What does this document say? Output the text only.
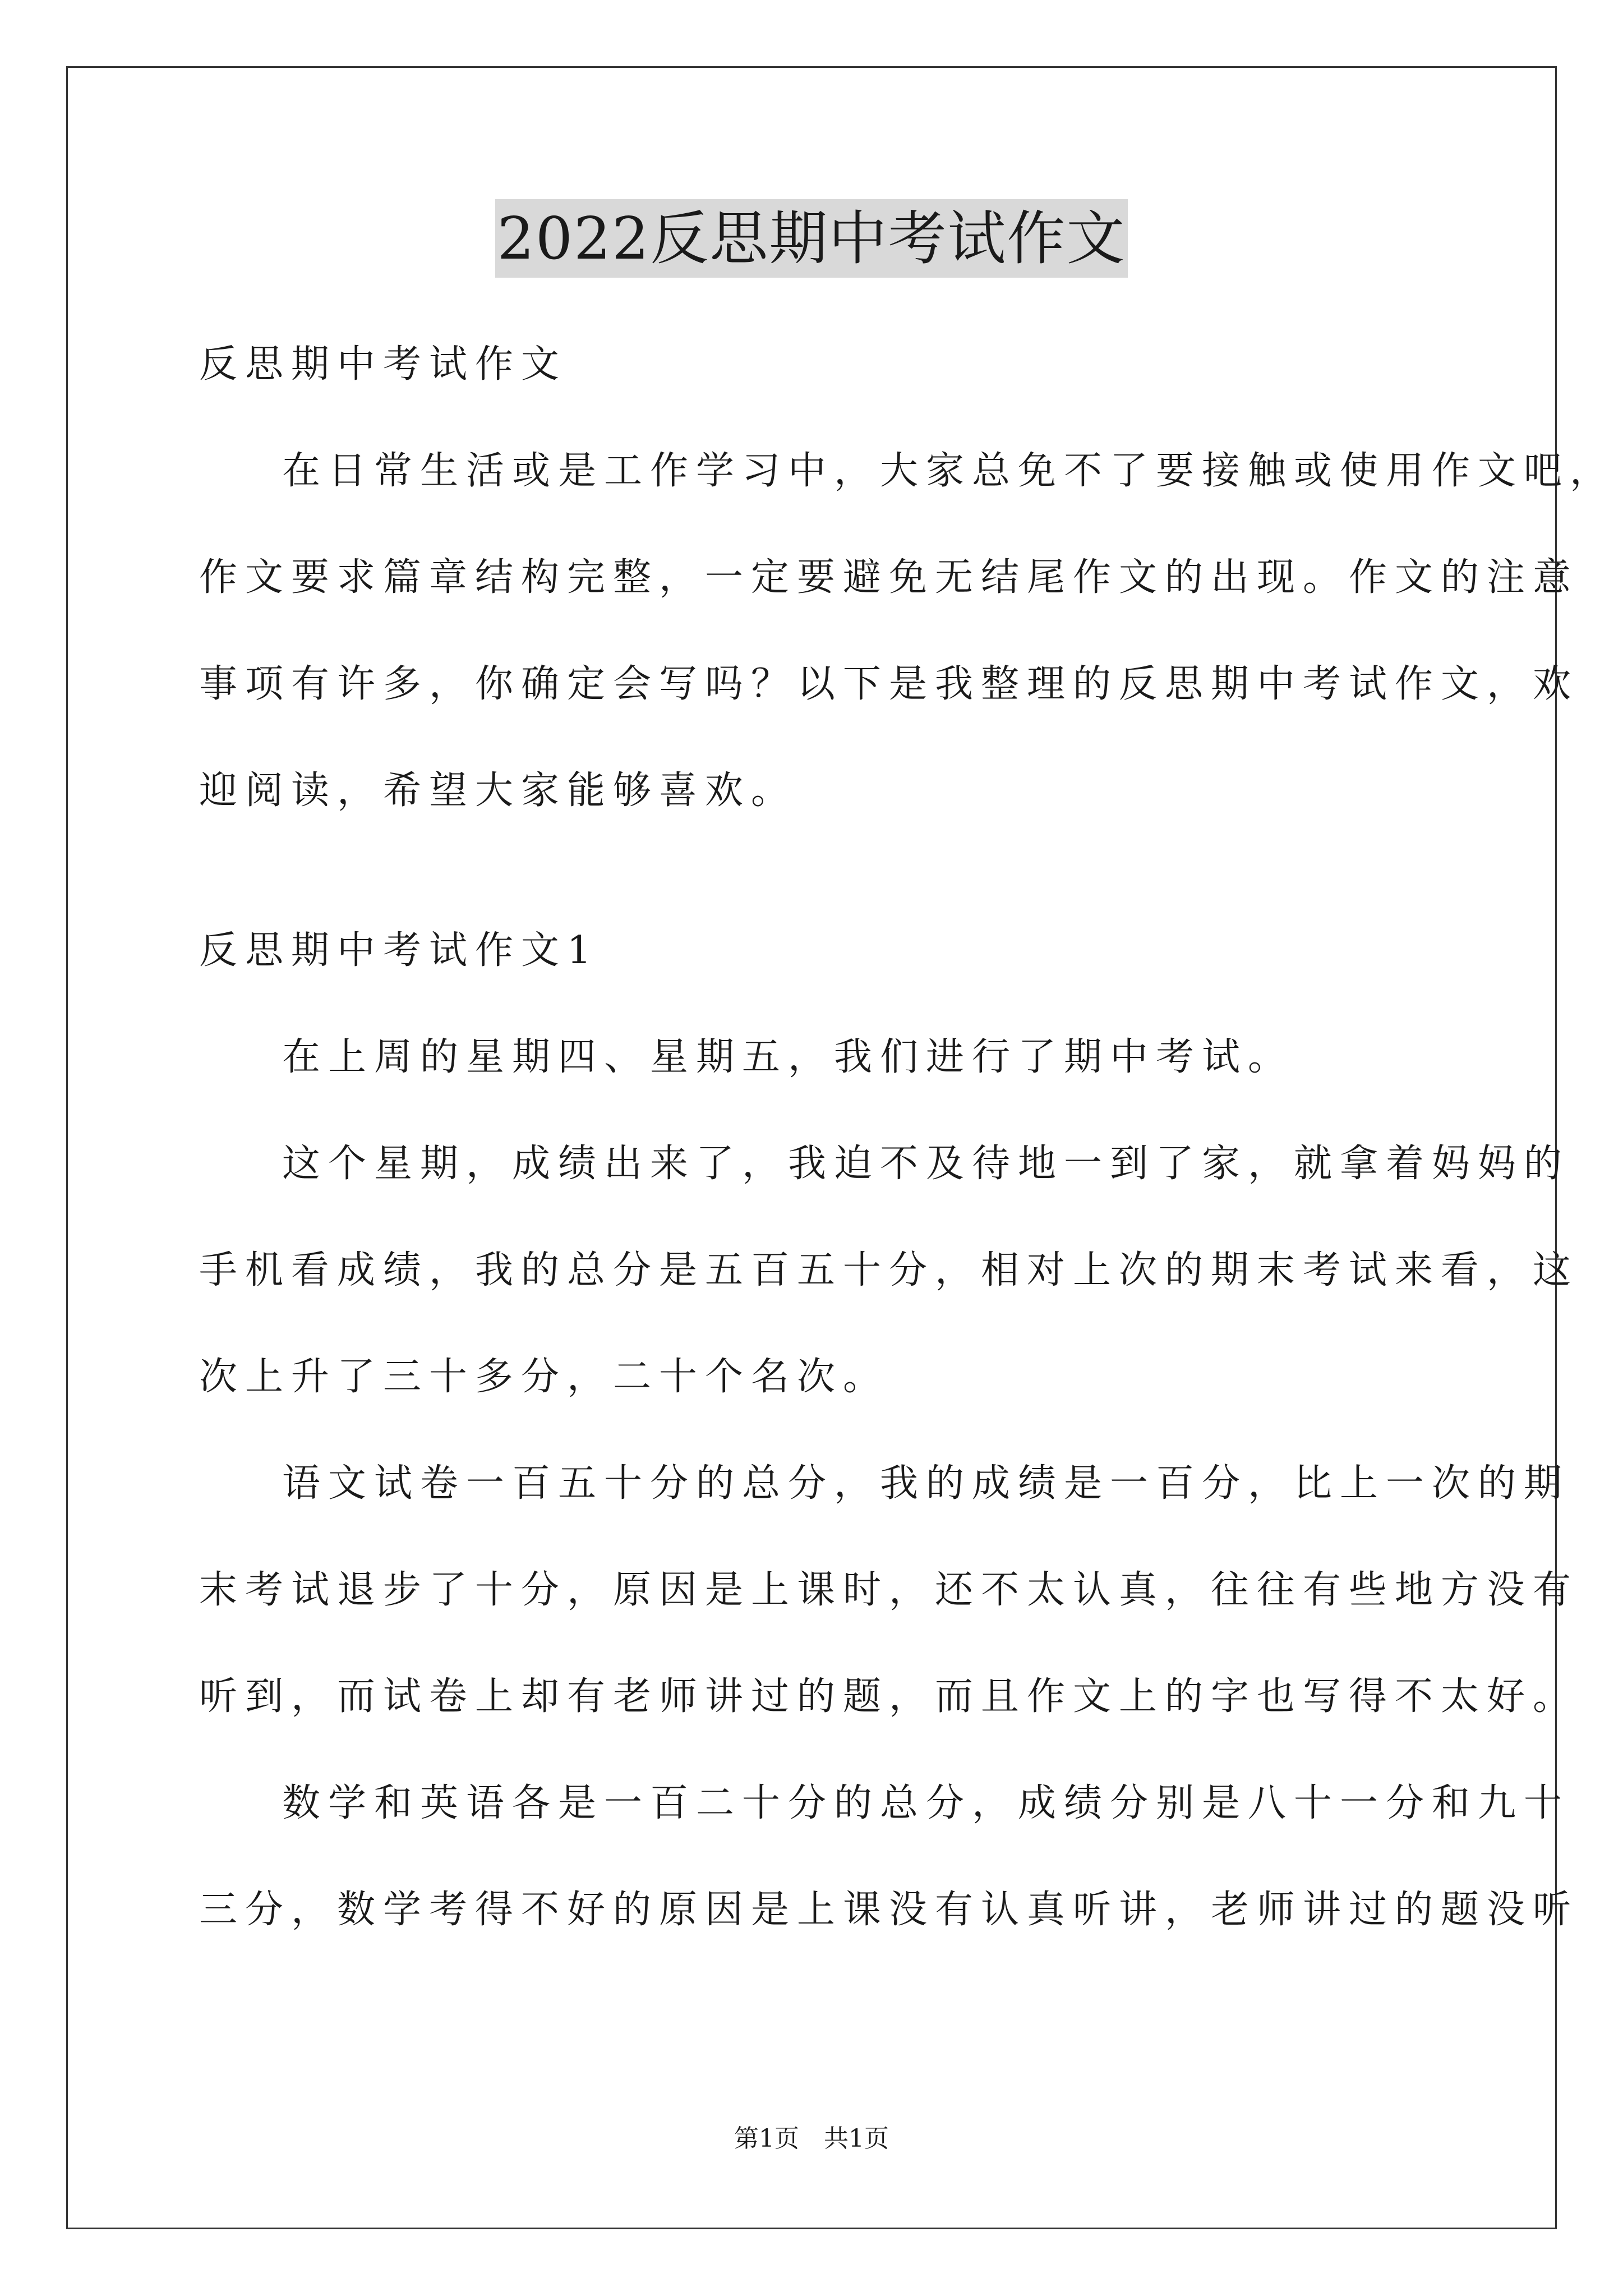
2022反思期中考试作文
反思期中考试作文
在日常生活或是工作学习中，大家总免不了要接触或使用作文吧，
作文要求篇章结构完整，一定要避免无结尾作文的出现。作文的注意
事项有许多，你确定会写吗？以下是我整理的反思期中考试作文，欢
迎阅读，希望大家能够喜欢。
反思期中考试作文1
在上周的星期四、星期五，我们进行了期中考试。
这个星期，成绩出来了，我迫不及待地一到了家，就拿着妈妈的
手机看成绩，我的总分是五百五十分，相对上次的期末考试来看，这
次上升了三十多分，二十个名次。
语文试卷一百五十分的总分，我的成绩是一百分，比上一次的期
末考试退步了十分，原因是上课时，还不太认真，往往有些地方没有
听到，而试卷上却有老师讲过的题，而且作文上的字也写得不太好。
数学和英语各是一百二十分的总分，成绩分别是八十一分和九十
三分，数学考得不好的原因是上课没有认真听讲，老师讲过的题没听
第1页　共1页
